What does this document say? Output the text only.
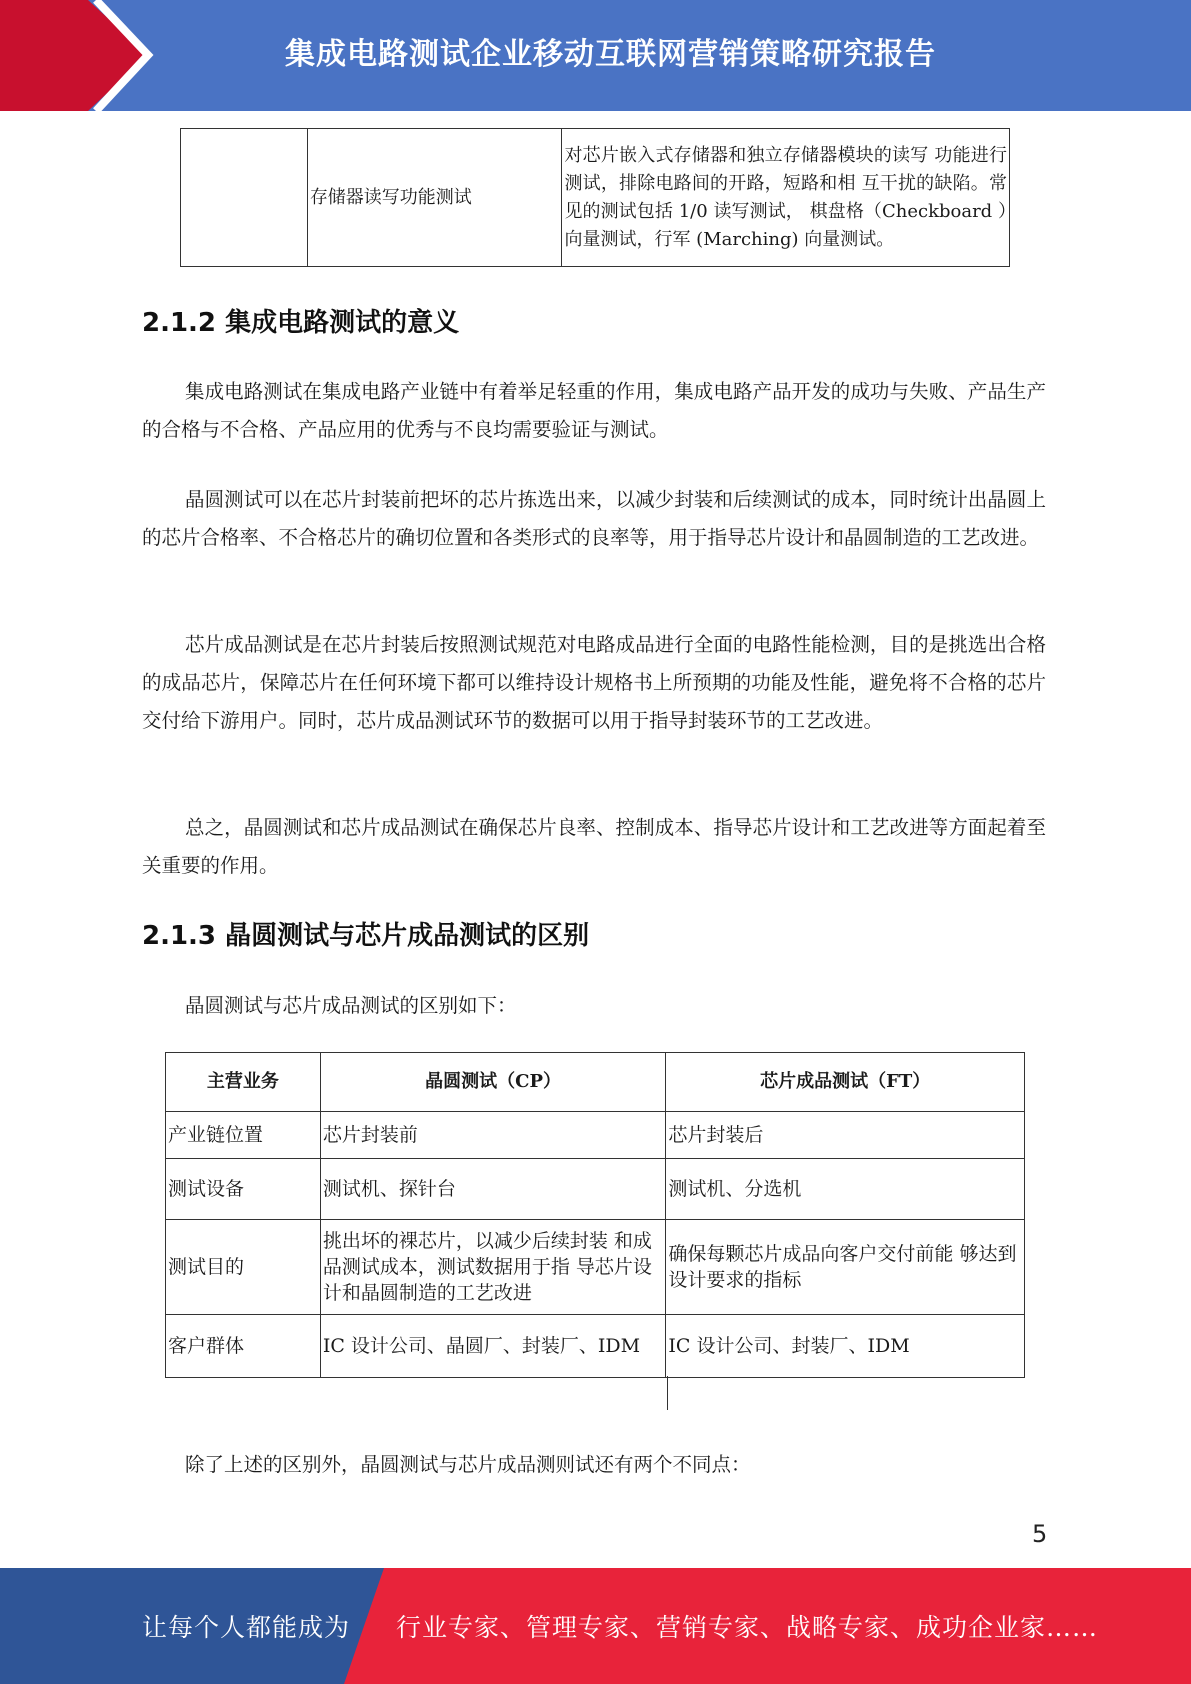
集成电路测试企业移动互联网营销策略研究报告
	存储器读写功能测试	对芯片嵌入式存储器和独立存储器模块的读写 功能进行测试，排除电路间的开路，短路和相 互干扰的缺陷。常见的测试包括 1/0 读写测试， 棋盘格（Checkboard ）向量测试，行军 (Marching) 向量测试。
2.1.2 集成电路测试的意义

集成电路测试在集成电路产业链中有着举足轻重的作用，集成电路产品开发的成功与失败、产品生产的合格与不合格、产品应用的优秀与不良均需要验证与测试。

晶圆测试可以在芯片封装前把坏的芯片拣选出来，以减少封装和后续测试的成本，同时统计出晶圆上的芯片合格率、不合格芯片的确切位置和各类形式的良率等，用于指导芯片设计和晶圆制造的工艺改进。

芯片成品测试是在芯片封装后按照测试规范对电路成品进行全面的电路性能检测，目的是挑选出合格的成品芯片，保障芯片在任何环境下都可以维持设计规格书上所预期的功能及性能，避免将不合格的芯片交付给下游用户。同时，芯片成品测试环节的数据可以用于指导封装环节的工艺改进。

总之，晶圆测试和芯片成品测试在确保芯片良率、控制成本、指导芯片设计和工艺改进等方面起着至关重要的作用。

2.1.3 晶圆测试与芯片成品测试的区别

晶圆测试与芯片成品测试的区别如下：

主营业务	晶圆测试（CP）	芯片成品测试（FT）
产业链位置	芯片封装前	芯片封装后
测试设备	测试机、探针台	测试机、分选机
测试目的	挑出坏的裸芯片，以减少后续封装 和成品测试成本，测试数据用于指 导芯片设计和晶圆制造的工艺改进	确保每颗芯片成品向客户交付前能 够达到设计要求的指标
客户群体	IC 设计公司、晶圆厂、封装厂、IDM	IC 设计公司、封装厂、IDM

除了上述的区别外，晶圆测试与芯片成品测则试还有两个不同点：

5
让每个人都能成为 行业专家、管理专家、营销专家、战略专家、成功企业家……
